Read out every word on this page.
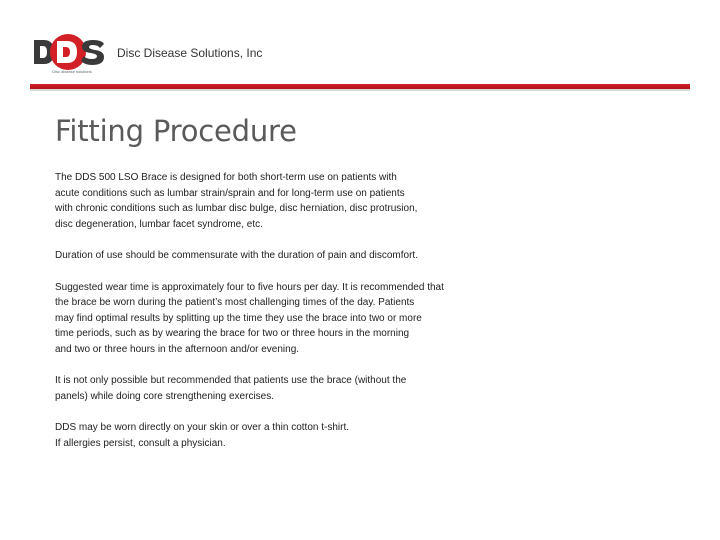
Disc disease solutions
Disc Disease Solutions, Inc
Fitting Procedure
The DDS 500 LSO Brace is designed for both short-term use on patients with
acute conditions such as lumbar strain/sprain and for long-term use on patients
with chronic conditions such as lumbar disc bulge, disc herniation, disc protrusion,
disc degeneration, lumbar facet syndrome, etc.
Duration of use should be commensurate with the duration of pain and discomfort.
Suggested wear time is approximately four to five hours per day. It is recommended that
the brace be worn during the patient’s most challenging times of the day. Patients
may find optimal results by splitting up the time they use the brace into two or more
time periods, such as by wearing the brace for two or three hours in the morning
and two or three hours in the afternoon and/or evening.
It is not only possible but recommended that patients use the brace (without the
panels) while doing core strengthening exercises.
DDS may be worn directly on your skin or over a thin cotton t-shirt.
If allergies persist, consult a physician.
